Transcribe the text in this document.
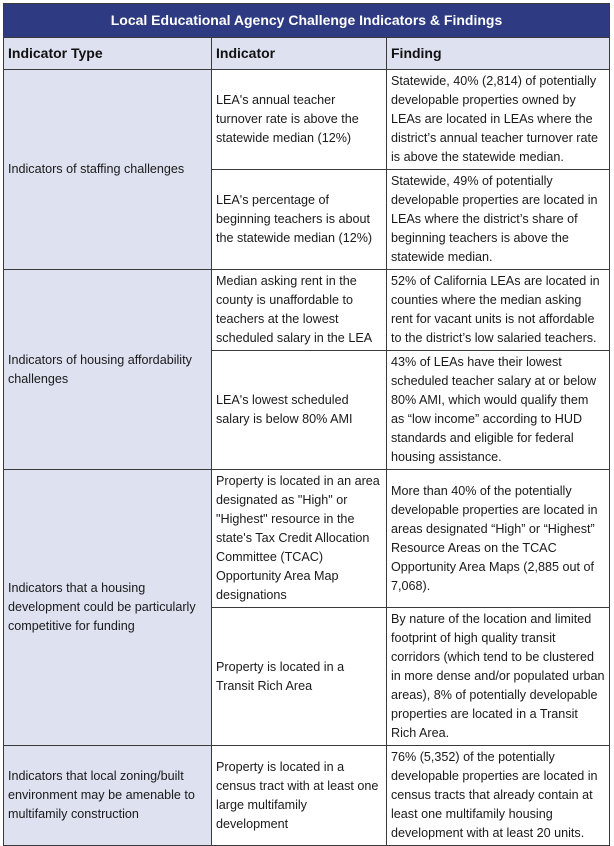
Local Educational Agency Challenge Indicators & Findings		
Indicator Type	Indicator	Finding
Indicators of staffing challenges	LEA's annual teacher turnover rate is above the statewide median (12%)	Statewide, 40% (2,814) of potentially developable properties owned by LEAs are located in LEAs where the district’s annual teacher turnover rate is above the statewide median.
	LEA's percentage of beginning teachers is about the statewide median (12%)	Statewide, 49% of potentially developable properties are located in LEAs where the district’s share of beginning teachers is above the statewide median.
Indicators of housing affordability challenges	Median asking rent in the county is unaffordable to teachers at the lowest scheduled salary in the LEA	52% of California LEAs are located in counties where the median asking rent for vacant units is not affordable to the district’s low salaried teachers.
	LEA's lowest scheduled salary is below 80% AMI	43% of LEAs have their lowest scheduled teacher salary at or below 80% AMI, which would qualify them as “low income” according to HUD standards and eligible for federal housing assistance.
Indicators that a housing development could be particularly competitive for funding	Property is located in an area designated as "High" or "Highest" resource in the state's Tax Credit Allocation Committee (TCAC) Opportunity Area Map designations	More than 40% of the potentially developable properties are located in areas designated “High” or “Highest” Resource Areas on the TCAC Opportunity Area Maps (2,885 out of 7,068).
	Property is located in a Transit Rich Area	By nature of the location and limited footprint of high quality transit corridors (which tend to be clustered in more dense and/or populated urban areas), 8% of potentially developable properties are located in a Transit Rich Area.
Indicators that local zoning/built environment may be amenable to multifamily construction	Property is located in a census tract with at least one large multifamily development	76% (5,352) of the potentially developable properties are located in census tracts that already contain at least one multifamily housing development with at least 20 units.
